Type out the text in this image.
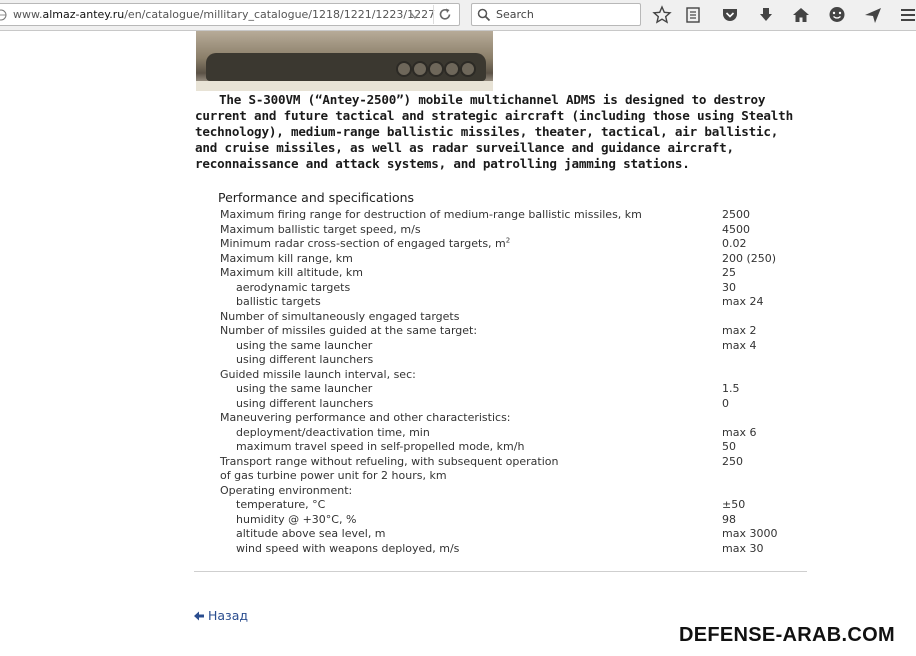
www.almaz-antey.ru/en/catalogue/millitary_catalogue/1218/1221/1223/1227	Search
The S-300VM (“Antey-2500”) mobile multichannel ADMS is designed to destroy current and future tactical and strategic aircraft (including those using Stealth technology), medium-range ballistic missiles, theater, tactical, air ballistic, and cruise missiles, as well as radar surveillance and guidance aircraft, reconnaissance and attack systems, and patrolling jamming stations.
Performance and specifications
Maximum firing range for destruction of medium-range ballistic missiles, km	2500
Maximum ballistic target speed, m/s	4500
Minimum radar cross-section of engaged targets, $m^2$	0.02
Maximum kill range, km	200 (250)
Maximum kill altitude, km	25
aerodynamic targets	30
ballistic targets	max 24
Number of simultaneously engaged targets
Number of missiles guided at the same target:	max 2
using the same launcher	max 4
using different launchers
Guided missile launch interval, sec:
using the same launcher	1.5
using different launchers	0
Maneuvering performance and other characteristics:
deployment/deactivation time, min	max 6
maximum travel speed in self-propelled mode, km/h	50
Transport range without refueling, with subsequent operation	250
of gas turbine power unit for 2 hours, km
Operating environment:
temperature, °C	±50
humidity @ +30°C, %	98
altitude above sea level, m	max 3000
wind speed with weapons deployed, m/s	max 30
Назад
DEFENSE-ARAB.COM
